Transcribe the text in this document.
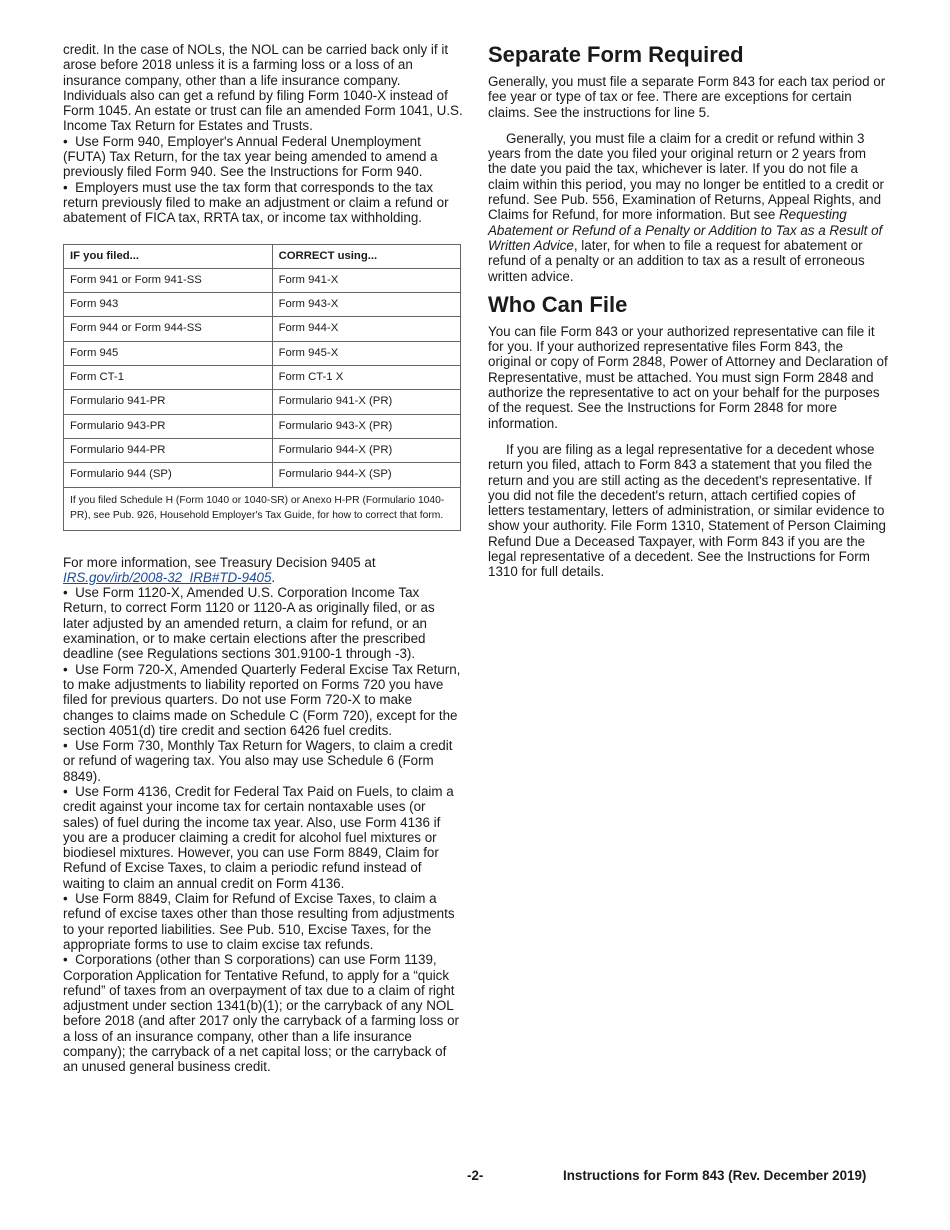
credit. In the case of NOLs, the NOL can be carried back only if it arose before 2018 unless it is a farming loss or a loss of an insurance company, other than a life insurance company. Individuals also can get a refund by filing Form 1040-X instead of Form 1045. An estate or trust can file an amended Form 1041, U.S. Income Tax Return for Estates and Trusts.

•  Use Form 940, Employer's Annual Federal Unemployment (FUTA) Tax Return, for the tax year being amended to amend a previously filed Form 940. See the Instructions for Form 940.

•  Employers must use the tax form that corresponds to the tax return previously filed to make an adjustment or claim a refund or abatement of FICA tax, RRTA tax, or income tax withholding.

IF you filed...	CORRECT using...
Form 941 or Form 941-SS	Form 941-X
Form 943	Form 943-X
Form 944 or Form 944-SS	Form 944-X
Form 945	Form 945-X
Form CT-1	Form CT-1 X
Formulario 941-PR	Formulario 941-X (PR)
Formulario 943-PR	Formulario 943-X (PR)
Formulario 944-PR	Formulario 944-X (PR)
Formulario 944 (SP)	Formulario 944-X (SP)
If you filed Schedule H (Form 1040 or 1040-SR) or Anexo H-PR (Formulario 1040-PR), see Pub. 926, Household Employer's Tax Guide, for how to correct that form.	

For more information, see Treasury Decision 9405 at IRS.gov/irb/2008-32_IRB#TD-9405.

•  Use Form 1120-X, Amended U.S. Corporation Income Tax Return, to correct Form 1120 or 1120-A as originally filed, or as later adjusted by an amended return, a claim for refund, or an examination, or to make certain elections after the prescribed deadline (see Regulations sections 301.9100-1 through -3).

•  Use Form 720-X, Amended Quarterly Federal Excise Tax Return, to make adjustments to liability reported on Forms 720 you have filed for previous quarters. Do not use Form 720-X to make changes to claims made on Schedule C (Form 720), except for the section 4051(d) tire credit and section 6426 fuel credits.

•  Use Form 730, Monthly Tax Return for Wagers, to claim a credit or refund of wagering tax. You also may use Schedule 6 (Form 8849).

•  Use Form 4136, Credit for Federal Tax Paid on Fuels, to claim a credit against your income tax for certain nontaxable uses (or sales) of fuel during the income tax year. Also, use Form 4136 if you are a producer claiming a credit for alcohol fuel mixtures or biodiesel mixtures. However, you can use Form 8849, Claim for Refund of Excise Taxes, to claim a periodic refund instead of waiting to claim an annual credit on Form 4136.

•  Use Form 8849, Claim for Refund of Excise Taxes, to claim a refund of excise taxes other than those resulting from adjustments to your reported liabilities. See Pub. 510, Excise Taxes, for the appropriate forms to use to claim excise tax refunds.

•  Corporations (other than S corporations) can use Form 1139, Corporation Application for Tentative Refund, to apply for a “quick refund” of taxes from an overpayment of tax due to a claim of right adjustment under section 1341(b)(1); or the carryback of any NOL before 2018 (and after 2017 only the carryback of a farming loss or a loss of an insurance company, other than a life insurance company); the carryback of a net capital loss; or the carryback of an unused general business credit.

Separate Form Required

Generally, you must file a separate Form 843 for each tax period or fee year or type of tax or fee. There are exceptions for certain claims. See the instructions for line 5.

Generally, you must file a claim for a credit or refund within 3 years from the date you filed your original return or 2 years from the date you paid the tax, whichever is later. If you do not file a claim within this period, you may no longer be entitled to a credit or refund. See Pub. 556, Examination of Returns, Appeal Rights, and Claims for Refund, for more information. But see Requesting Abatement or Refund of a Penalty or Addition to Tax as a Result of Written Advice, later, for when to file a request for abatement or refund of a penalty or an addition to tax as a result of erroneous written advice.

Who Can File

You can file Form 843 or your authorized representative can file it for you. If your authorized representative files Form 843, the original or copy of Form 2848, Power of Attorney and Declaration of Representative, must be attached. You must sign Form 2848 and authorize the representative to act on your behalf for the purposes of the request. See the Instructions for Form 2848 for more information.

If you are filing as a legal representative for a decedent whose return you filed, attach to Form 843 a statement that you filed the return and you are still acting as the decedent's representative. If you did not file the decedent's return, attach certified copies of letters testamentary, letters of administration, or similar evidence to show your authority. File Form 1310, Statement of Person Claiming Refund Due a Deceased Taxpayer, with Form 843 if you are the legal representative of a decedent. See the Instructions for Form 1310 for full details.

-2-	Instructions for Form 843 (Rev. December 2019)
